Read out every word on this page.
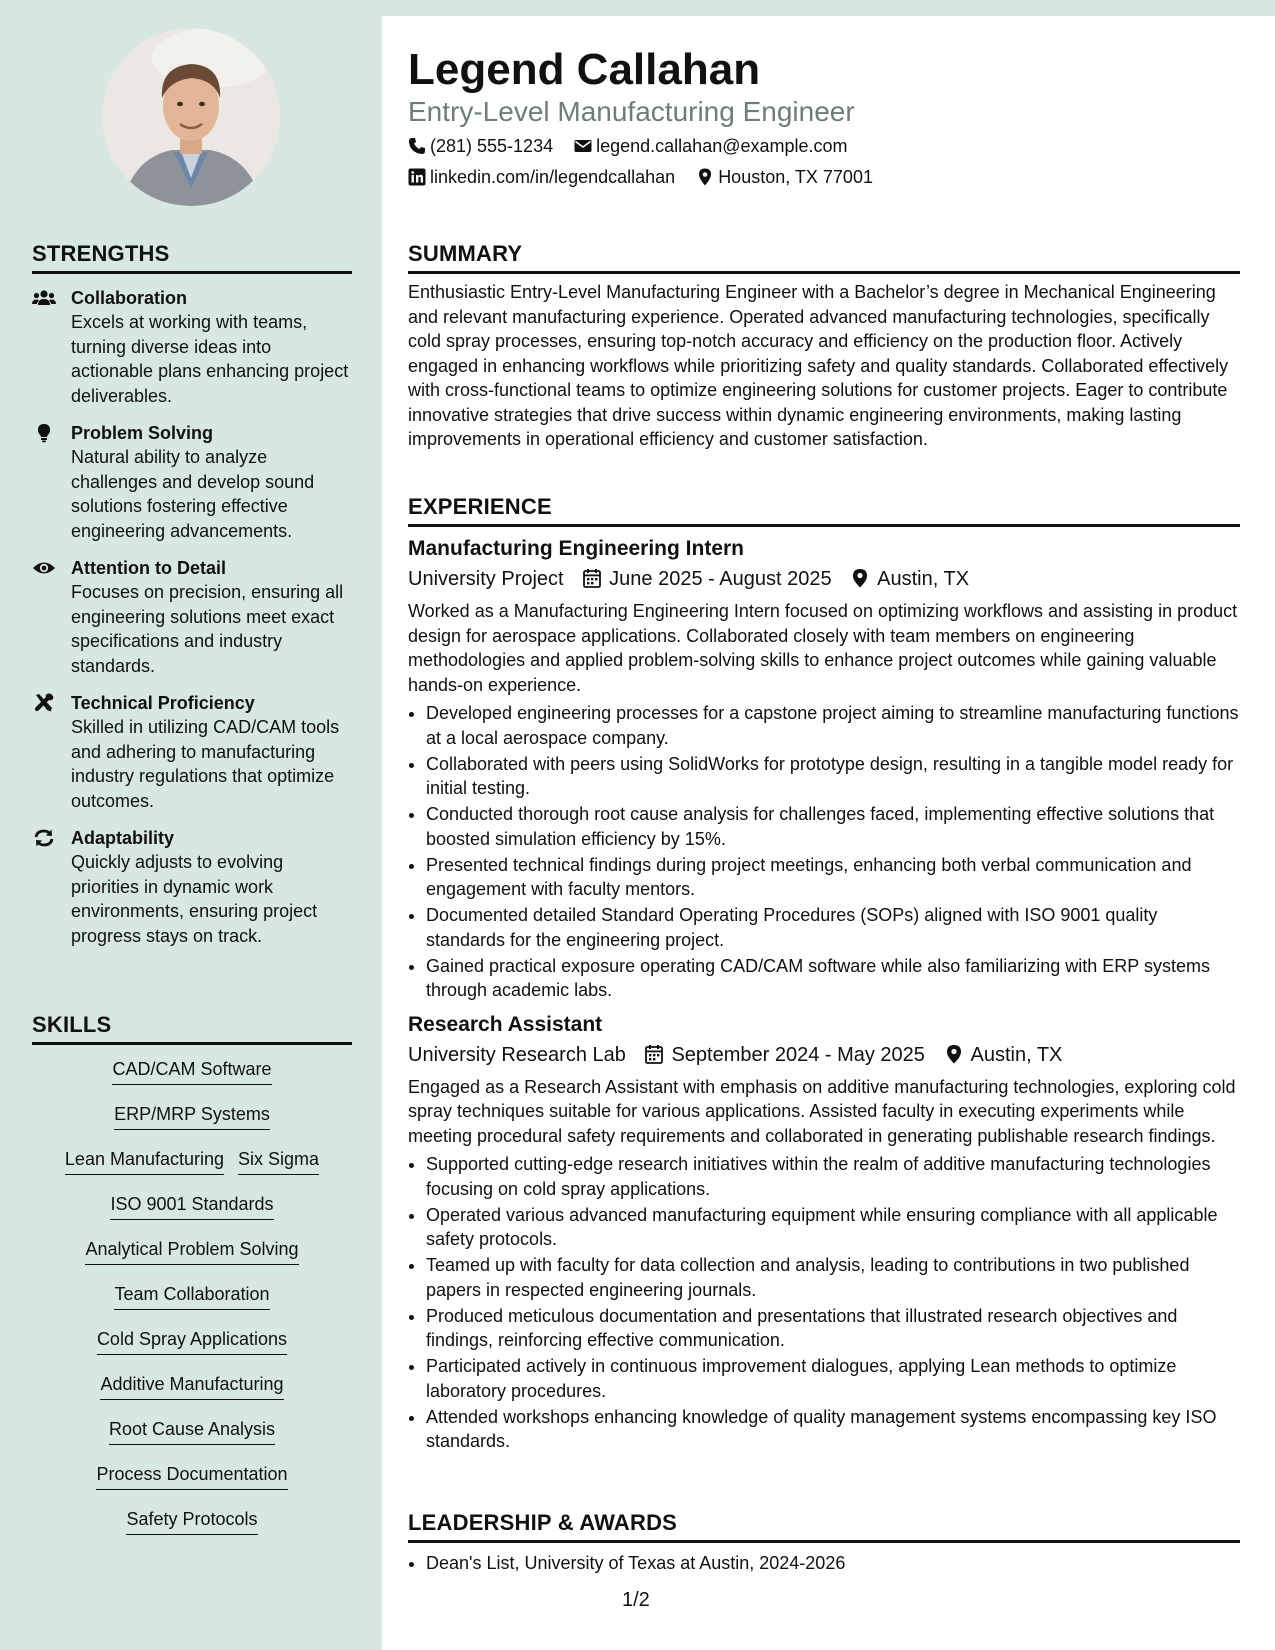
STRENGTHS
Collaboration
Excels at working with teams, turning diverse ideas into actionable plans enhancing project deliverables.
Problem Solving
Natural ability to analyze challenges and develop sound solutions fostering effective engineering advancements.
Attention to Detail
Focuses on precision, ensuring all engineering solutions meet exact specifications and industry standards.
Technical Proficiency
Skilled in utilizing CAD/CAM tools and adhering to manufacturing industry regulations that optimize outcomes.
Adaptability
Quickly adjusts to evolving priorities in dynamic work environments, ensuring project progress stays on track.
SKILLS
CAD/CAM Software
ERP/MRP Systems
Lean Manufacturing Six Sigma
ISO 9001 Standards
Analytical Problem Solving
Team Collaboration
Cold Spray Applications
Additive Manufacturing
Root Cause Analysis
Process Documentation
Safety Protocols
Legend Callahan
Entry-Level Manufacturing Engineer
(281) 555-1234 legend.callahan@example.com
linkedin.com/in/legendcallahan Houston, TX 77001
SUMMARY

Enthusiastic Entry-Level Manufacturing Engineer with a Bachelor’s degree in Mechanical Engineering and relevant manufacturing experience. Operated advanced manufacturing technologies, specifically cold spray processes, ensuring top-notch accuracy and efficiency on the production floor. Actively engaged in enhancing workflows while prioritizing safety and quality standards. Collaborated effectively with cross-functional teams to optimize engineering solutions for customer projects. Eager to contribute innovative strategies that drive success within dynamic engineering environments, making lasting improvements in operational efficiency and customer satisfaction.

EXPERIENCE
Manufacturing Engineering Intern
University Project June 2025 - August 2025 Austin, TX

Worked as a Manufacturing Engineering Intern focused on optimizing workflows and assisting in product design for aerospace applications. Collaborated closely with team members on engineering methodologies and applied problem-solving skills to enhance project outcomes while gaining valuable hands-on experience.

• Developed engineering processes for a capstone project aiming to streamline manufacturing functions at a local aerospace company.
• Collaborated with peers using SolidWorks for prototype design, resulting in a tangible model ready for initial testing.
• Conducted thorough root cause analysis for challenges faced, implementing effective solutions that boosted simulation efficiency by 15%.
• Presented technical findings during project meetings, enhancing both verbal communication and engagement with faculty mentors.
• Documented detailed Standard Operating Procedures (SOPs) aligned with ISO 9001 quality standards for the engineering project.
• Gained practical exposure operating CAD/CAM software while also familiarizing with ERP systems through academic labs.
Research Assistant
University Research Lab September 2024 - May 2025 Austin, TX

Engaged as a Research Assistant with emphasis on additive manufacturing technologies, exploring cold spray techniques suitable for various applications. Assisted faculty in executing experiments while meeting procedural safety requirements and collaborated in generating publishable research findings.

• Supported cutting-edge research initiatives within the realm of additive manufacturing technologies focusing on cold spray applications.
• Operated various advanced manufacturing equipment while ensuring compliance with all applicable safety protocols.
• Teamed up with faculty for data collection and analysis, leading to contributions in two published papers in respected engineering journals.
• Produced meticulous documentation and presentations that illustrated research objectives and findings, reinforcing effective communication.
• Participated actively in continuous improvement dialogues, applying Lean methods to optimize laboratory procedures.
• Attended workshops enhancing knowledge of quality management systems encompassing key ISO standards.
LEADERSHIP & AWARDS
• Dean's List, University of Texas at Austin, 2024-2026
1/2
